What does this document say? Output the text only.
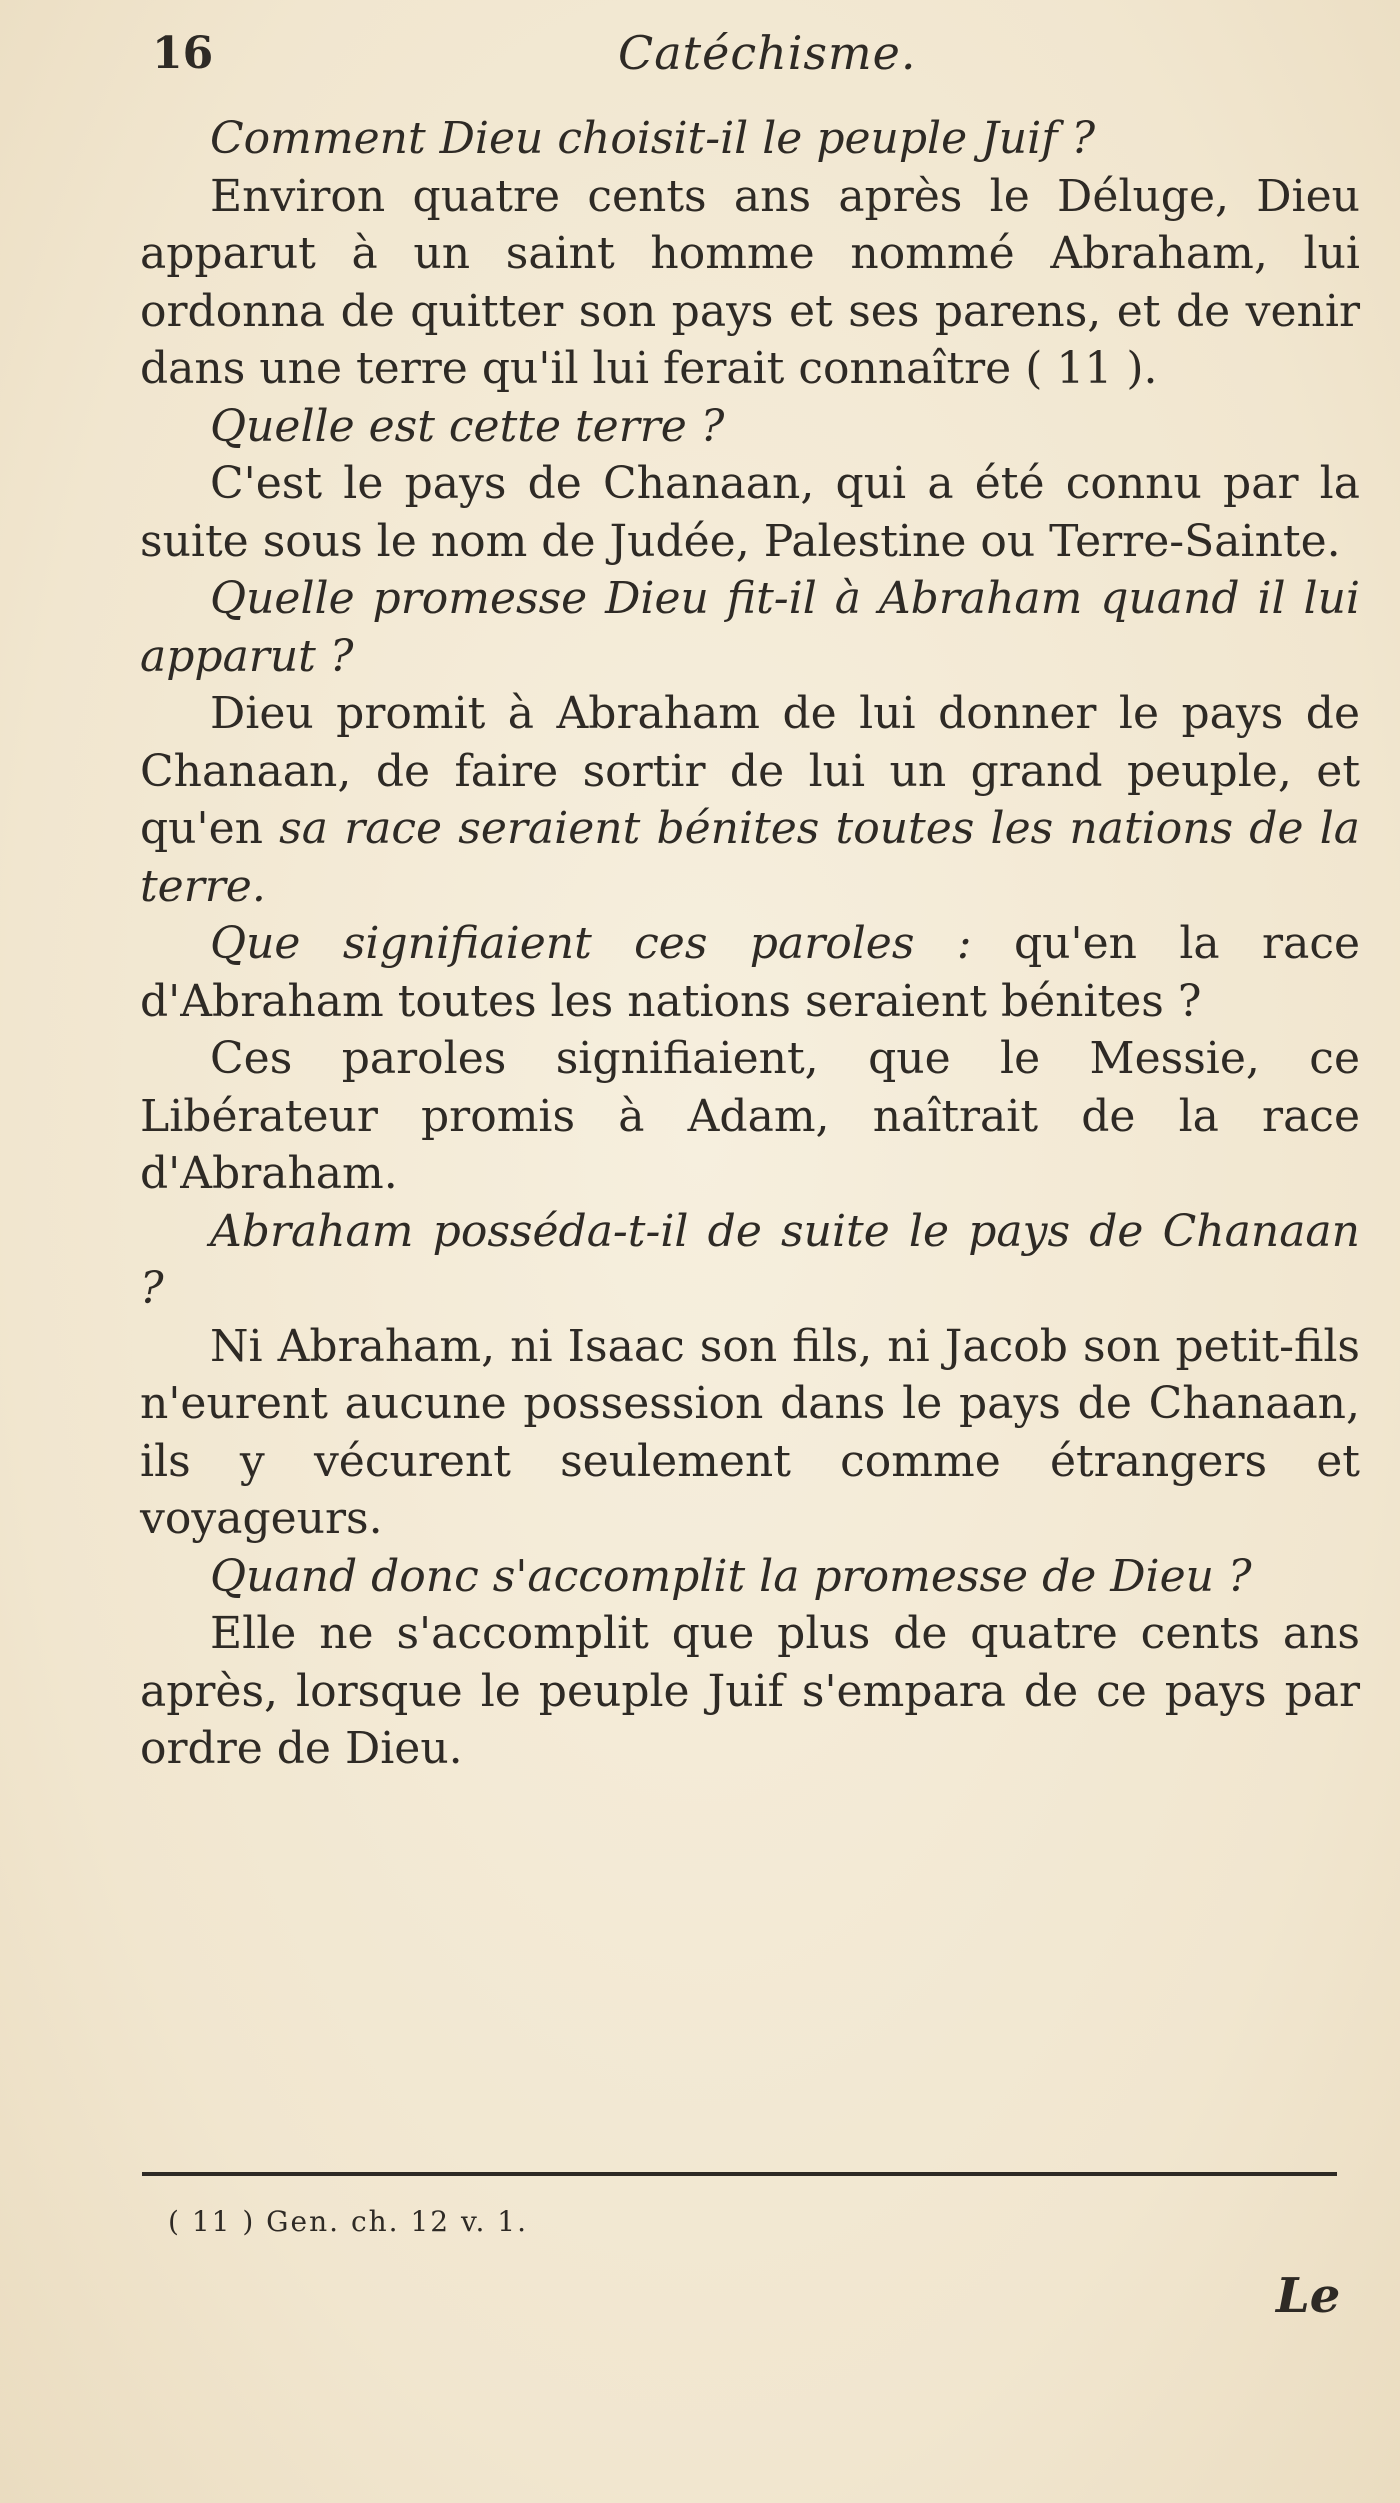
16	Catéchisme.

Comment Dieu choisit-il le peuple Juif ?

Environ quatre cents ans après le Déluge, Dieu apparut à un saint homme nommé Abraham, lui ordonna de quitter son pays et ses parens, et de venir dans une terre qu'il lui ferait connaître ( 11 ).

Quelle est cette terre ?

C'est le pays de Chanaan, qui a été connu par la suite sous le nom de Judée, Palestine ou Terre-Sainte.

Quelle promesse Dieu fit-il à Abraham quand il lui apparut ?

Dieu promit à Abraham de lui donner le pays de Chanaan, de faire sortir de lui un grand peuple, et qu'en sa race seraient bénites toutes les nations de la terre.

Que signifiaient ces paroles : qu'en la race d'Abraham toutes les nations seraient bénites ?

Ces paroles signifiaient, que le Messie, ce Libérateur promis à Adam, naîtrait de la race d'Abraham.

Abraham posséda-t-il de suite le pays de Chanaan ?

Ni Abraham, ni Isaac son fils, ni Jacob son petit-fils n'eurent aucune possession dans le pays de Chanaan, ils y vécurent seulement comme étrangers et voyageurs.

Quand donc s'accomplit la promesse de Dieu ?

Elle ne s'accomplit que plus de quatre cents ans après, lorsque le peuple Juif s'empara de ce pays par ordre de Dieu.

( 11 ) Gen. ch. 12 v. 1.
Le
